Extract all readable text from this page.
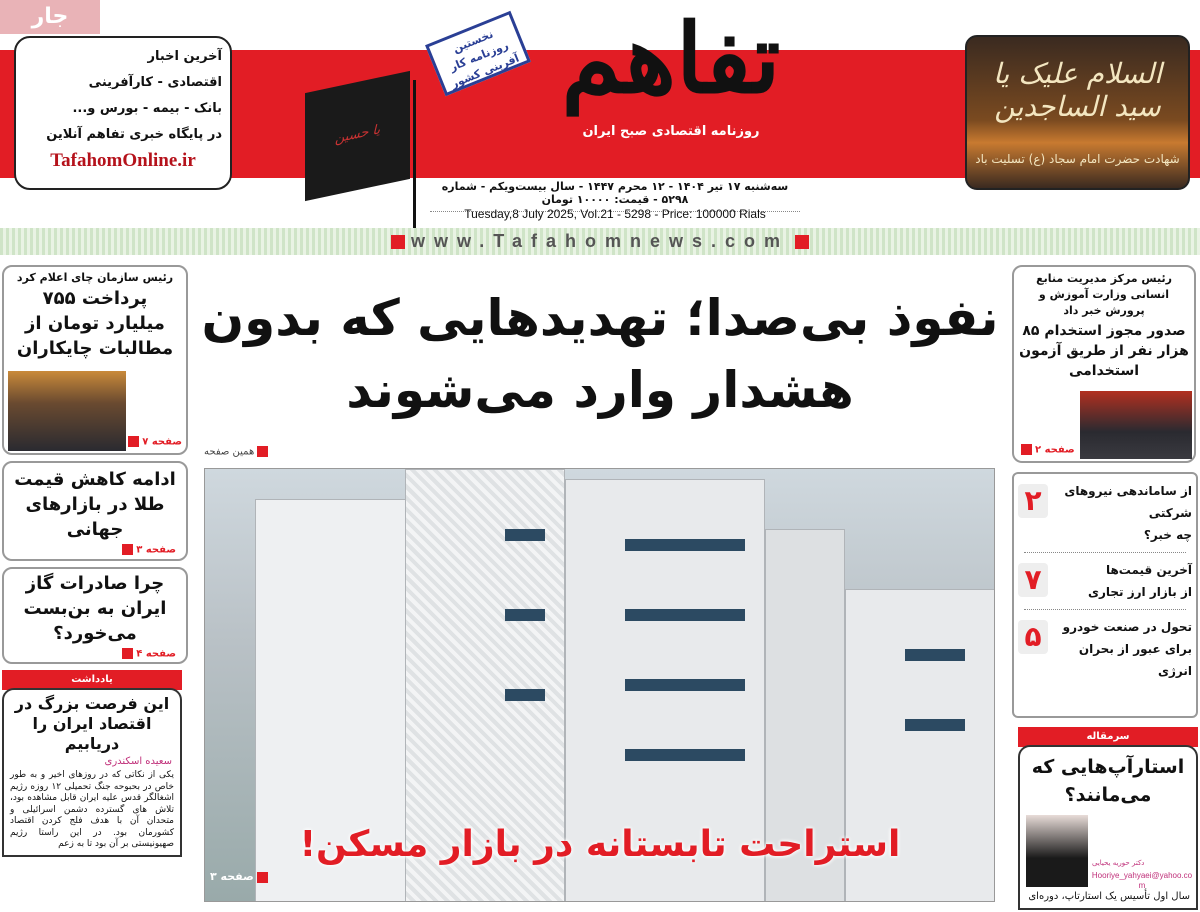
جار
آخرین اخبار
اقتصادی - کارآفرینی
بانک - بیمه - بورس و...
در پایگاه خبری تفاهم آنلاین
TafahomOnline.ir
السلام علیک یا سید الساجدین
شهادت حضرت امام سجاد (ع) تسلیت باد
یا حسین
تفاهم
روزنامه اقتصادی صبح ایران
نخستین روزنامه کار آفرینی کشور
سه‌شنبه ۱۷ تیر ۱۴۰۴ - ۱۲ محرم ۱۴۴۷ - سال بیست‌ویکم - شماره ۵۲۹۸ - قیمت: ۱۰۰۰۰ تومان
Tuesday,8 July 2025, Vol.21 - 5298 - Price: 100000 Rials
www.Tafahomnews.com
رئیس سازمان چای اعلام کرد
پرداخت ۷۵۵ میلیارد تومان از مطالبات چایکاران
صفحه ۷
ادامه کاهش قیمت طلا در بازارهای جهانی
صفحه ۳
چرا صادرات گاز ایران به بن‌بست می‌خورد؟
صفحه ۴
یادداشت
این فرصت بزرگ در اقتصاد ایران را دریابیم
سعیده اسکندری
یکی از نکاتی که در روزهای اخیر و به طور خاص در بحبوحه جنگ تحمیلی ۱۲ روزه رژیم اشغالگر قدس علیه ایران قابل مشاهده بود، تلاش های گسترده دشمن اسرائیلی و متحدان آن با هدف فلج کردن اقتصاد کشورمان بود. در این راستا رژیم صهیونیستی بر آن بود تا به زعم
نفوذ بی‌صدا؛ تهدیدهایی که بدون هشدار وارد می‌شوند
همین صفحه
استراحت تابستانه در بازار مسکن!
صفحه ۳
رئیس مرکز مدیریت منابع انسانی وزارت آموزش و پرورش خبر داد
صدور مجوز استخدام ۸۵ هزار نفر از طریق آزمون استخدامی
صفحه ۲
۲	از ساماندهی نیروهای شرکتی
چه خبر؟
۷	آخرین قیمت‌ها
از بازار ارز تجاری
۵	تحول در صنعت خودرو
برای عبور از بحران انرژی
سرمقاله
استارآپ‌هایی که می‌مانند؟
دکتر حوریه یحیایی
Hooriye_yahyaei@yahoo.com
سال اول تأسیس یک استارتاپ، دوره‌ای
